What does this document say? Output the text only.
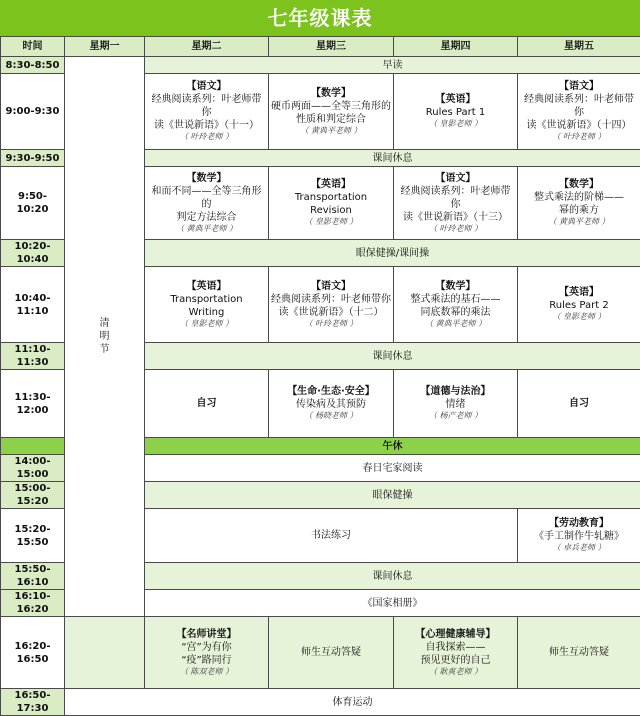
七年级课表
时间	星期一	星期二	星期三	星期四	星期五
8:30-8:50	清
明
节	早读			
9:00-9:30		【语文】
经典阅读系列：叶老师带你
读《世说新语》（十一）
（ 叶玲老师 ）	【数学】
硬币两面——全等三角形的
性质和判定综合
（ 黄典平老师 ）	【英语】
Rules Part 1
（ 皇影老师 ）	【语文】
经典阅读系列：叶老师带你
读《世说新语》（十四）
（ 叶玲老师 ）

9:30-9:50		课间休息			
9:50-10:20		【数学】
和而不同——全等三角形的
判定方法综合
（ 黄典平老师 ）	【英语】
Transportation
Revision
（ 皇影老师 ）	【语文】
经典阅读系列：叶老师带你
读《世说新语》（十三）
（ 叶玲老师 ）	【数学】
整式乘法的阶梯——
幂的乘方
（ 黄典平老师 ）

10:20-10:40		眼保健操/课间操			
10:40-11:10		【英语】
Transportation
Writing
（ 皇影老师 ）	【语文】
经典阅读系列：叶老师带你
读《世说新语》（十二）
（ 叶玲老师 ）	【数学】
整式乘法的基石——
同底数幂的乘法
（ 黄典平老师 ）	【英语】
Rules Part 2
（ 皇影老师 ）

11:10-11:30		课间休息			
11:30-12:00		自习	【生命·生态·安全】
传染病及其预防
（ 杨晓老师 ）	【道德与法治】
情绪
（ 杨产老师 ）	自习
		午休			
14:00-15:00		春日宅家阅读			
15:00-15:20		眼保健操			
15:20-15:50		书法练习			【劳动教育】
《手工制作牛轧糖》
（ 卓兵老师 ）

15:50-16:10		课间休息			
16:10-16:20		《国家相册》			
16:20-16:50		【名师讲堂】
“宫”为有你
“疫”路同行
（ 陈双老师 ）	师生互动答疑	【心理健康辅导】
自我探索——
预见更好的自己
（ 耿爽老师 ）	师生互动答疑
16:50-17:30	体育运动				
